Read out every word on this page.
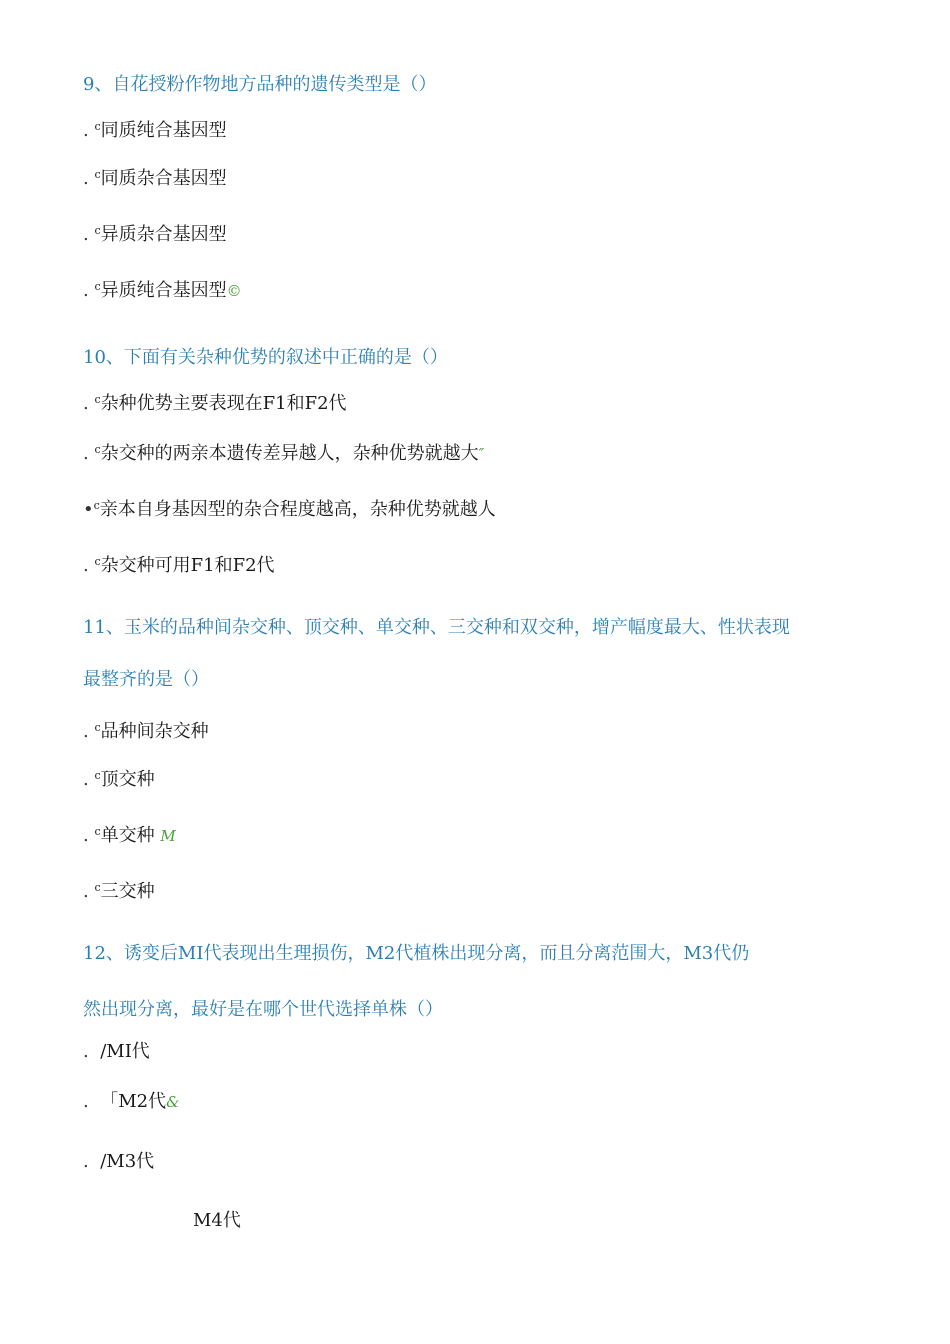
9、自花授粉作物地方品种的遗传类型是（）
. $^c$同质纯合基因型
. $^c$同质杂合基因型
. $^c$异质杂合基因型
. $^c$异质纯合基因型©
10、下面有关杂种优势的叙述中正确的是（）
. $^c$杂种优势主要表现在F1和F2代
. $^c$杂交种的两亲本遗传差异越人，杂种优势就越大″
•$^c$亲本自身基因型的杂合程度越高，杂种优势就越人
. $^c$杂交种可用F1和F2代
11、玉米的品种间杂交种、顶交种、单交种、三交种和双交种，增产幅度最大、性状表现
最整齐的是（）
. $^c$品种间杂交种
. $^c$顶交种
. $^c$单交种 M
. $^c$三交种
12、诱变后MI代表现出生理损伤，M2代植株出现分离，而且分离范围大，M3代仍
然出现分离，最好是在哪个世代选择单株（）
. /MI代
. 「M2代&
. /M3代
M4代
